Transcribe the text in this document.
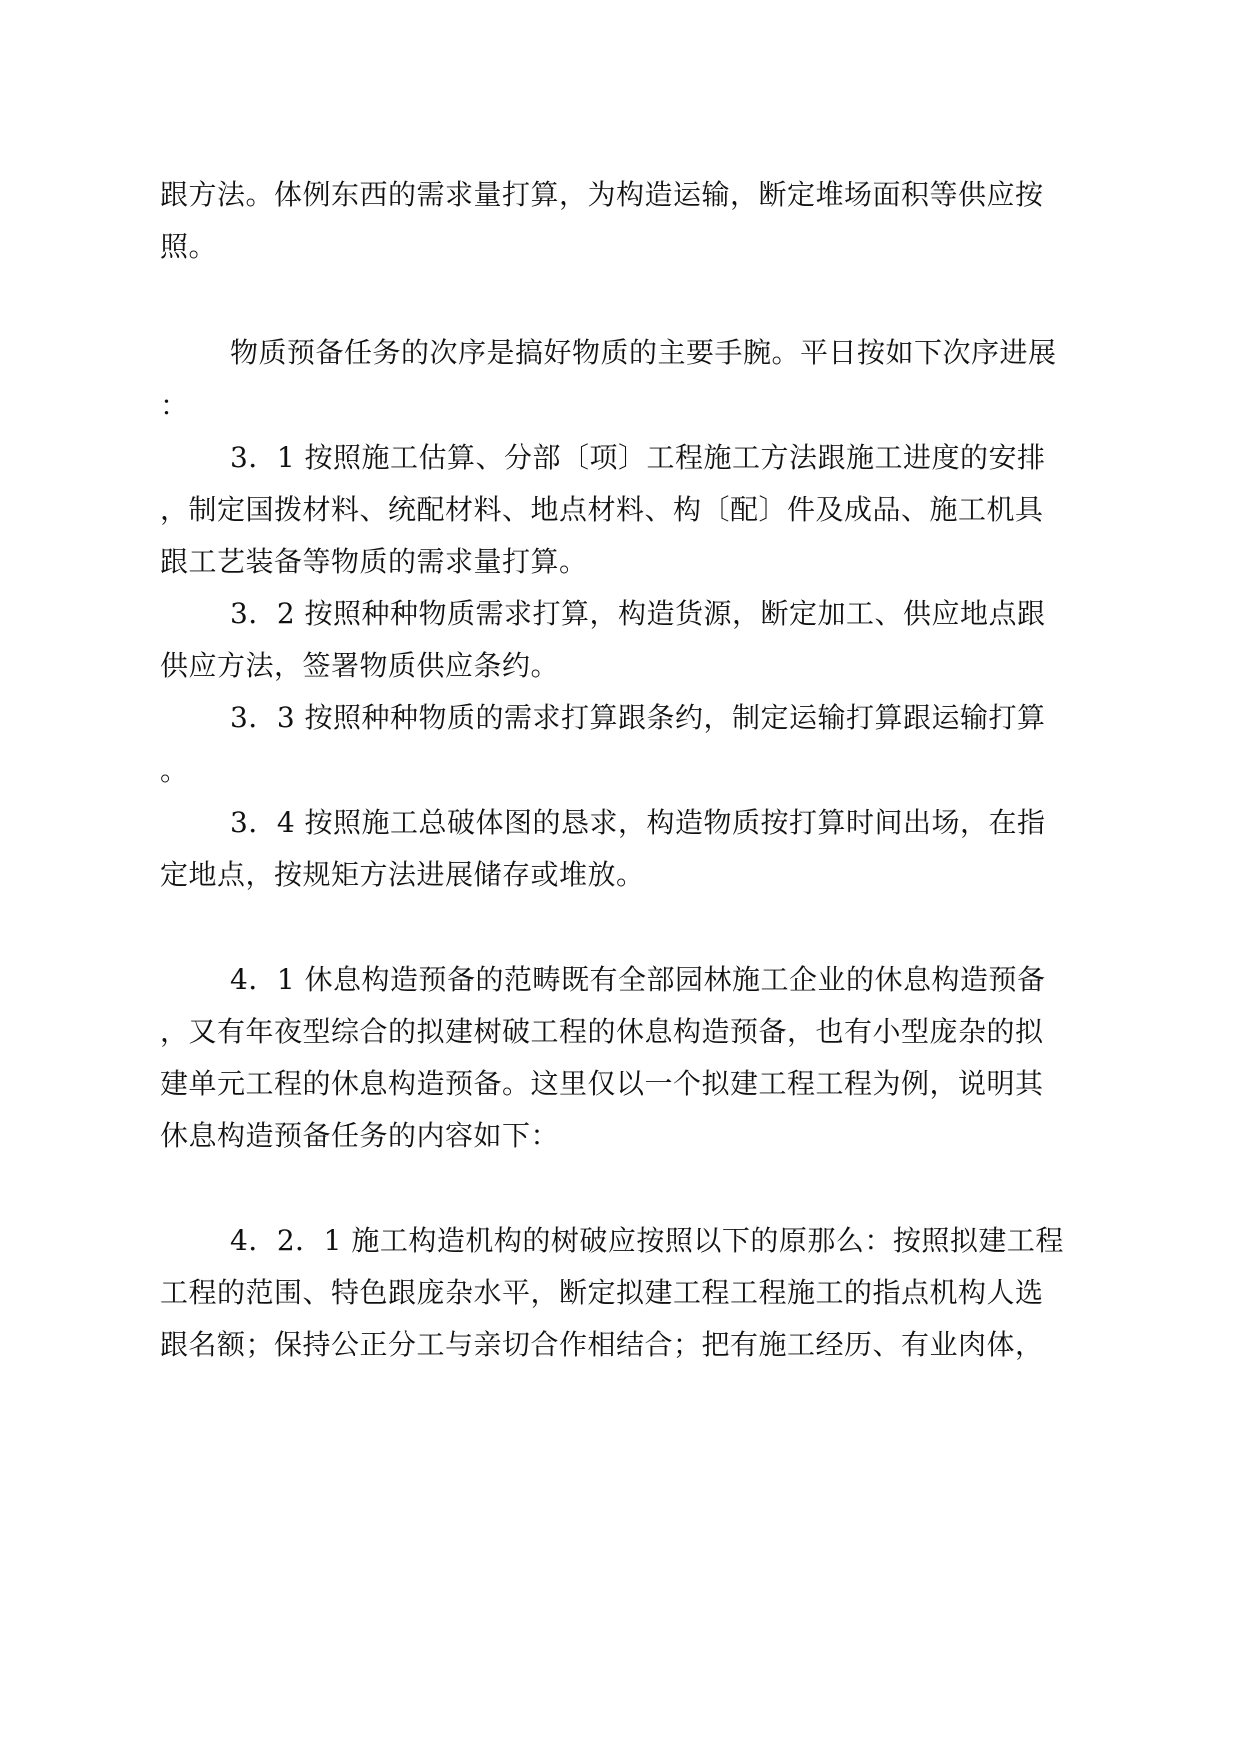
跟方法。体例东西的需求量打算，为构造运输，断定堆场面积等供应按
照。
物质预备任务的次序是搞好物质的主要手腕。平日按如下次序进展
：
3．1 按照施工估算、分部〔项〕工程施工方法跟施工进度的安排
，制定国拨材料、统配材料、地点材料、构〔配〕件及成品、施工机具
跟工艺装备等物质的需求量打算。
3．2 按照种种物质需求打算，构造货源，断定加工、供应地点跟
供应方法，签署物质供应条约。
3．3 按照种种物质的需求打算跟条约，制定运输打算跟运输打算
。
3．4 按照施工总破体图的恳求，构造物质按打算时间出场，在指
定地点，按规矩方法进展储存或堆放。
4．1 休息构造预备的范畴既有全部园林施工企业的休息构造预备
，又有年夜型综合的拟建树破工程的休息构造预备，也有小型庞杂的拟
建单元工程的休息构造预备。这里仅以一个拟建工程工程为例，说明其
休息构造预备任务的内容如下：
4．2．1 施工构造机构的树破应按照以下的原那么：按照拟建工程
工程的范围、特色跟庞杂水平，断定拟建工程工程施工的指点机构人选
跟名额；保持公正分工与亲切合作相结合；把有施工经历、有业肉体，
